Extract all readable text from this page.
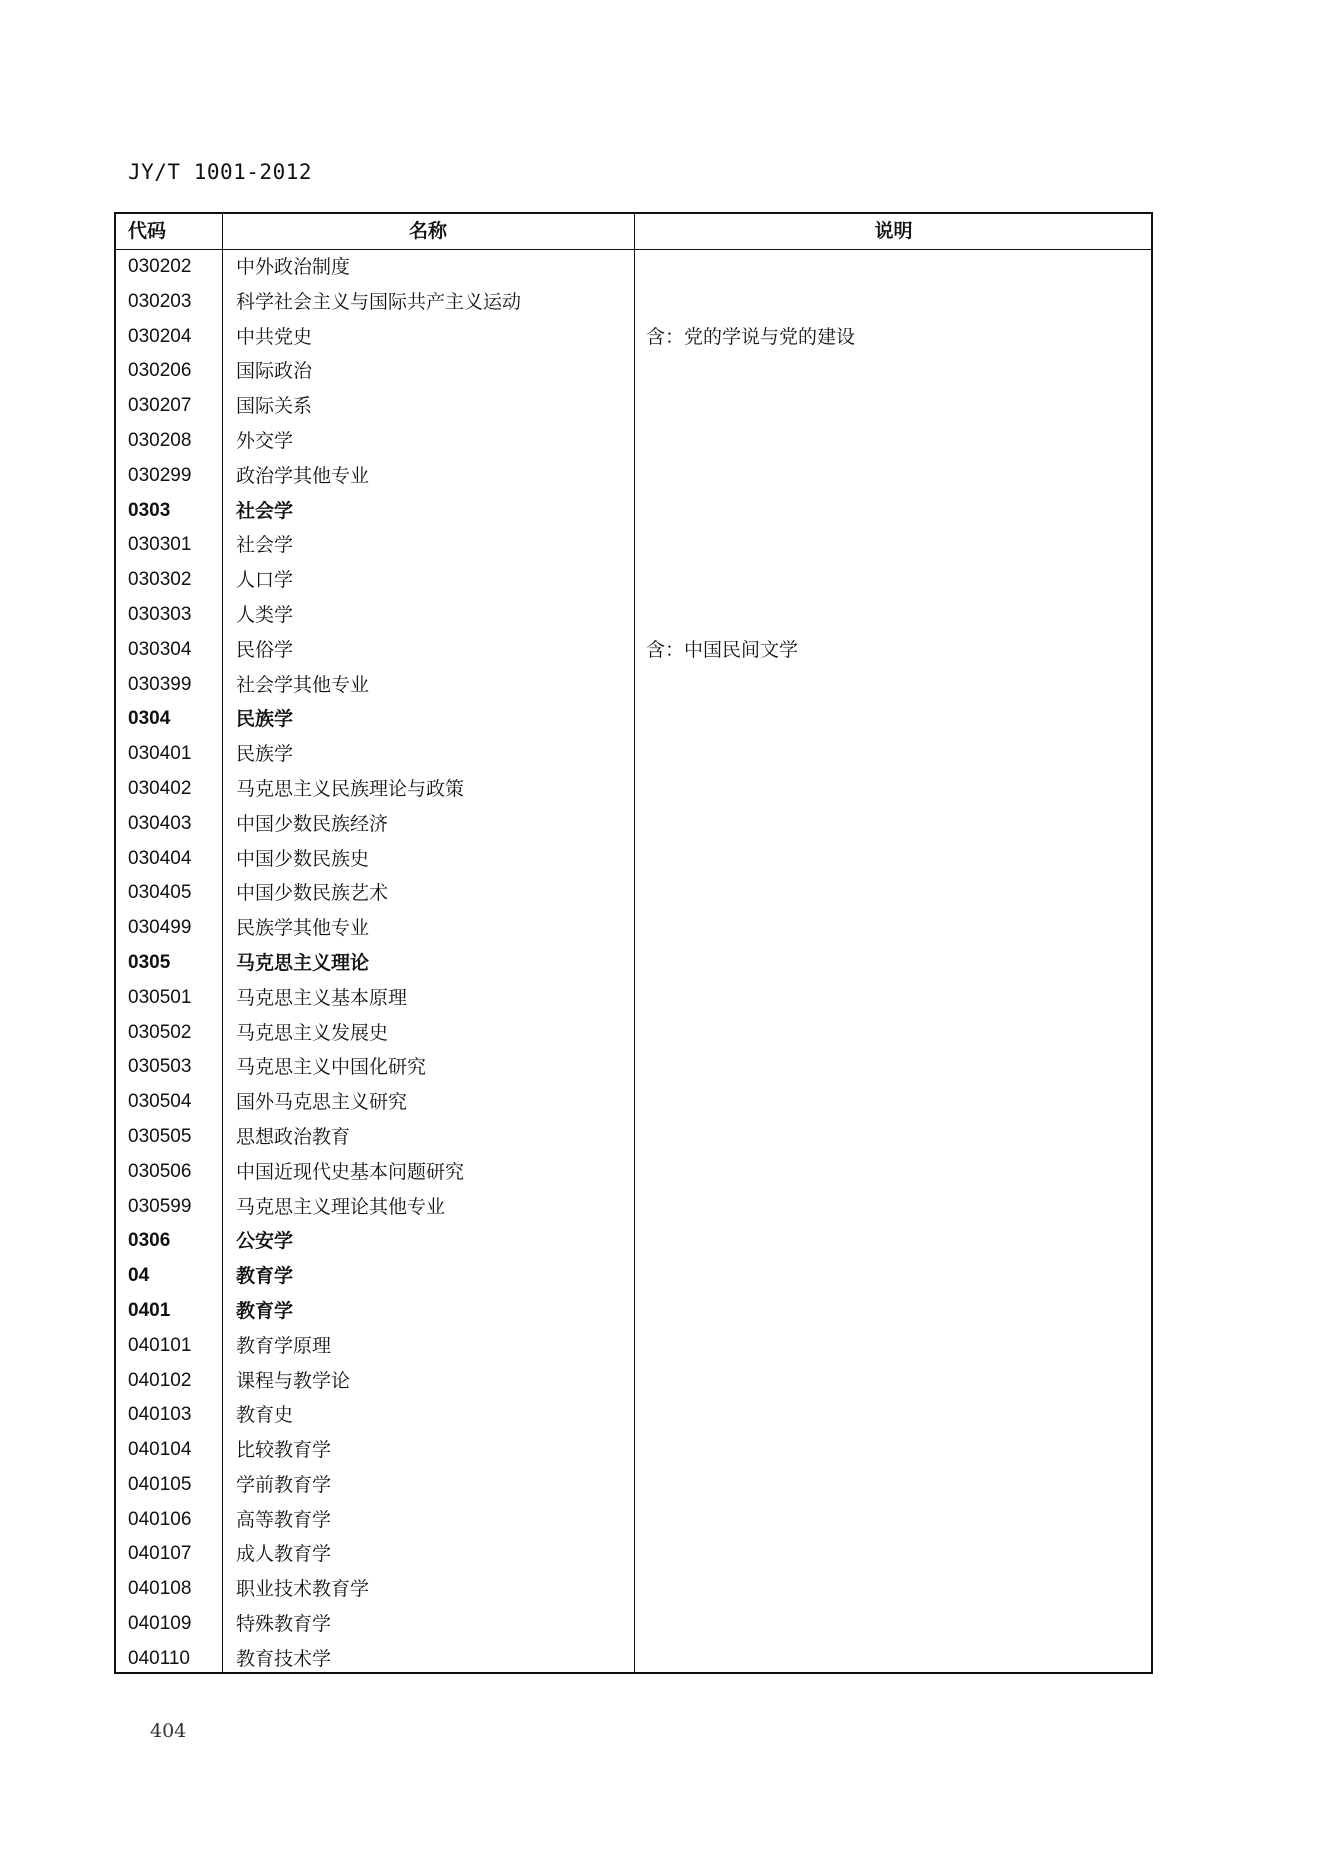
JY/T 1001-2012
代码	名称	说明
030202 中外政治制度
030203 科学社会主义与国际共产主义运动
030204 中共党史	含：党的学说与党的建设
030206 国际政治
030207 国际关系
030208 外交学
030299 政治学其他专业
0303	社会学
030301 社会学
030302 人口学
030303 人类学
030304 民俗学	含：中国民间文学
030399 社会学其他专业
0304	民族学
030401 民族学
030402 马克思主义民族理论与政策
030403 中国少数民族经济
030404 中国少数民族史
030405 中国少数民族艺术
030499 民族学其他专业
0305	马克思主义理论
030501 马克思主义基本原理
030502 马克思主义发展史
030503 马克思主义中国化研究
030504 国外马克思主义研究
030505 思想政治教育
030506 中国近现代史基本问题研究
030599 马克思主义理论其他专业
0306	公安学
04	教育学
0401	教育学
040101 教育学原理
040102 课程与教学论
040103 教育史
040104 比较教育学
040105 学前教育学
040106 高等教育学
040107 成人教育学
040108 职业技术教育学
040109 特殊教育学
040110 教育技术学
404
